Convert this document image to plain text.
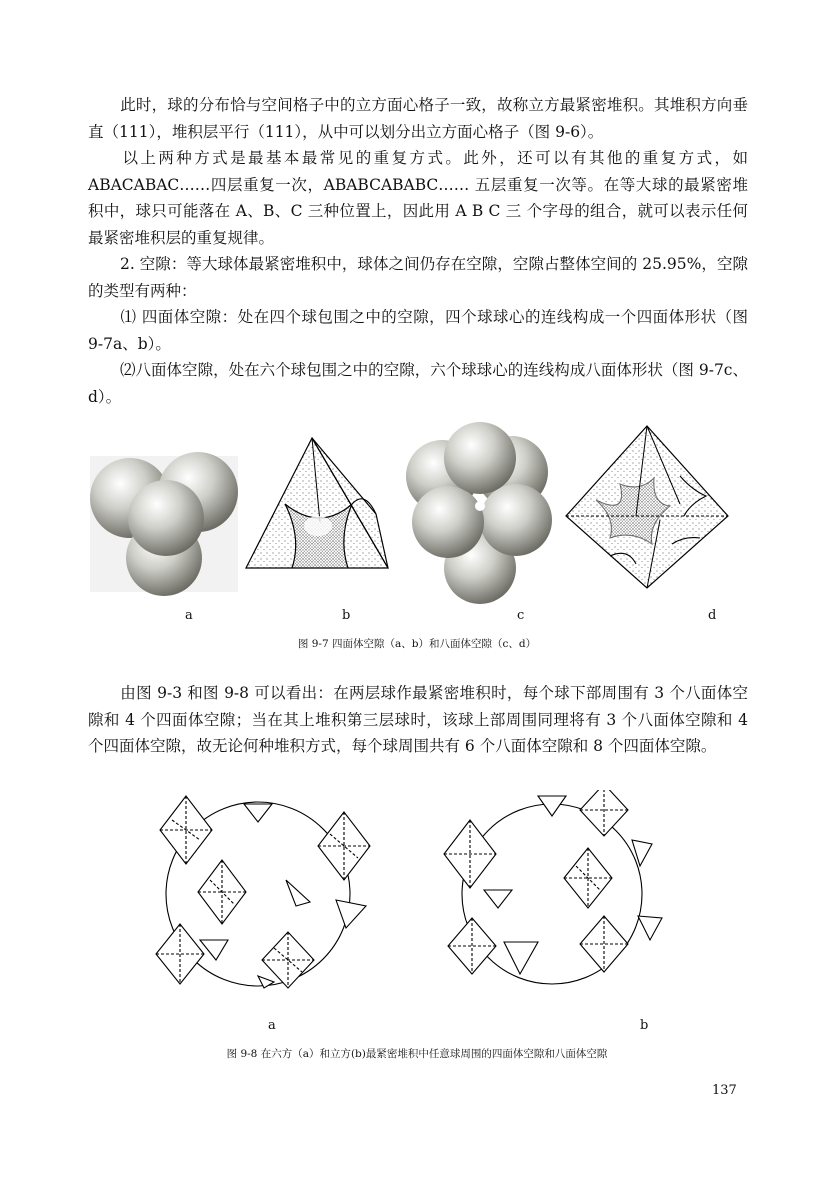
此时，球的分布恰与空间格子中的立方面心格子一致，故称立方最紧密堆积。其堆积方向垂直（111），堆积层平行（111），从中可以划分出立方面心格子（图 9-6）。

以上两种方式是最基本最常见的重复方式。此外，还可以有其他的重复方式，如 ABACABAC……四层重复一次，ABABCABABC…… 五层重复一次等。在等大球的最紧密堆积中，球只可能落在 A、B、C 三种位置上，因此用 A B C 三 个字母的组合，就可以表示任何最紧密堆积层的重复规律。

2. 空隙：等大球体最紧密堆积中，球体之间仍存在空隙，空隙占整体空间的 25.95%，空隙的类型有两种：

⑴ 四面体空隙：处在四个球包围之中的空隙，四个球球心的连线构成一个四面体形状（图 9-7a、b）。

⑵八面体空隙，处在六个球包围之中的空隙，六个球球心的连线构成八面体形状（图 9-7c、d）。

a	b	c	d
图 9-7 四面体空隙（a、b）和八面体空隙（c、d）

由图 9-3 和图 9-8 可以看出：在两层球作最紧密堆积时，每个球下部周围有 3 个八面体空隙和 4 个四面体空隙；当在其上堆积第三层球时，该球上部周围同理将有 3 个八面体空隙和 4 个四面体空隙，故无论何种堆积方式，每个球周围共有 6 个八面体空隙和 8 个四面体空隙。

a	b
图 9-8 在六方（a）和立方(b)最紧密堆积中任意球周围的四面体空隙和八面体空隙
137
